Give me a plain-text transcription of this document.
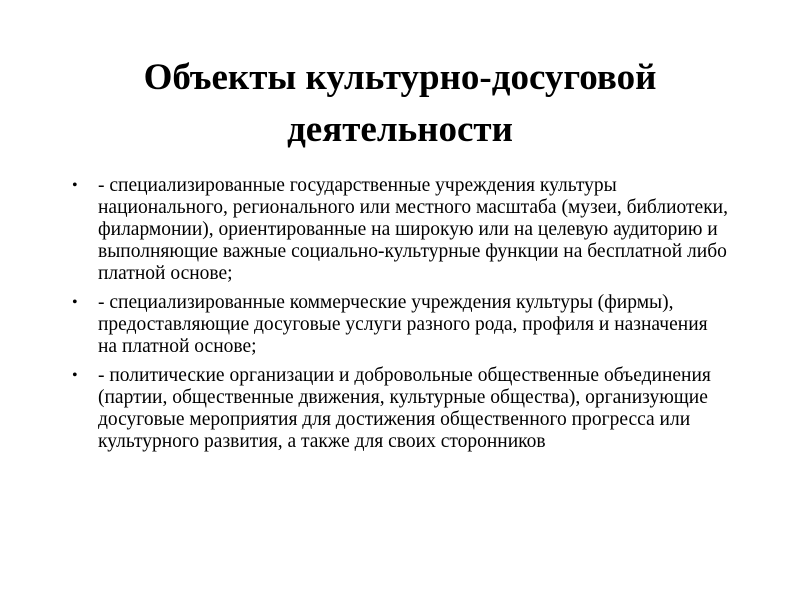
Объекты культурно-досуговой деятельности
• - специализированные государственные учреждения культуры национального, регионального или местного масштаба (музеи, библиотеки, филармонии), ориентированные на широкую или на целевую аудиторию и выполняющие важные социально-культурные функции на бесплатной либо платной основе;
• - специализированные коммерческие учреждения культуры (фирмы), предоставляющие досуговые услуги разного рода, профиля и назначения на платной основе;
• - политические организации и добровольные общественные объединения (партии, общественные движения, культурные общества), организующие досуговые мероприятия для достижения общественного прогресса или культурного развития, а также для своих сторонников
